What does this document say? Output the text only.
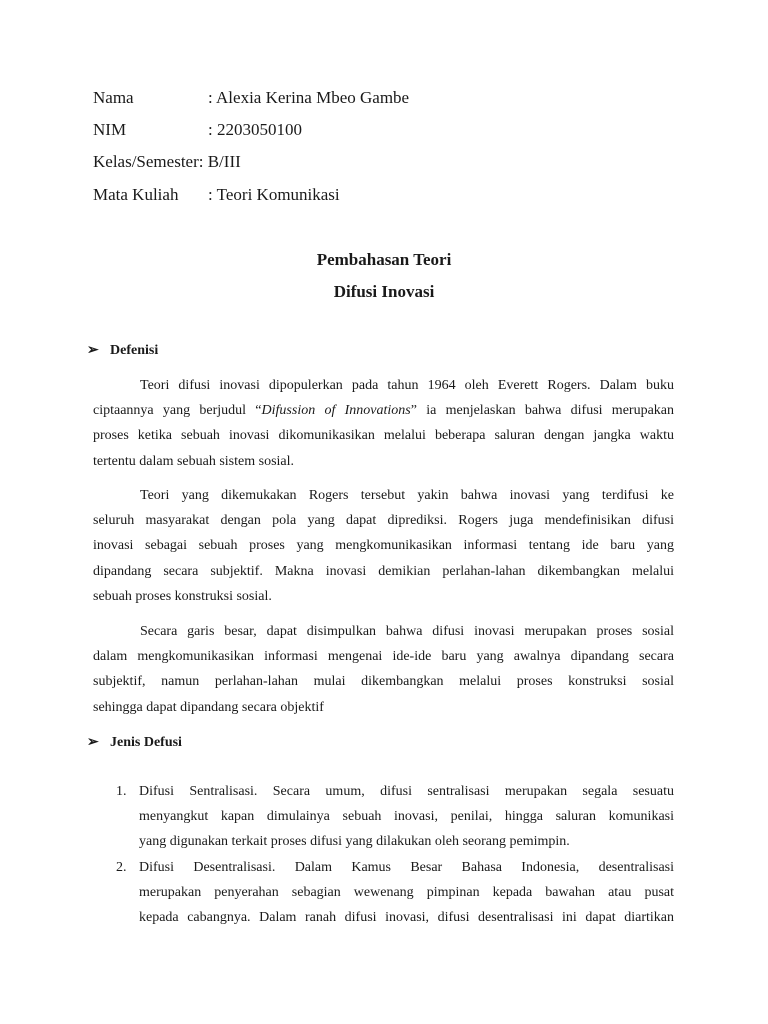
Nama	: Alexia Kerina Mbeo Gambe
NIM	: 2203050100
Kelas/Semester: B/III
Mata Kuliah : Teori Komunikasi
Pembahasan Teori
Difusi Inovasi
➢ Defenisi
Teori difusi inovasi dipopulerkan pada tahun 1964 oleh Everett Rogers. Dalam buku
ciptaannya yang berjudul “Difussion of Innovations” ia menjelaskan bahwa difusi merupakan
proses ketika sebuah inovasi dikomunikasikan melalui beberapa saluran dengan jangka waktu
tertentu dalam sebuah sistem sosial.
Teori yang dikemukakan Rogers tersebut yakin bahwa inovasi yang terdifusi ke
seluruh masyarakat dengan pola yang dapat diprediksi. Rogers juga mendefinisikan difusi
inovasi sebagai sebuah proses yang mengkomunikasikan informasi tentang ide baru yang
dipandang secara subjektif. Makna inovasi demikian perlahan-lahan dikembangkan melalui
sebuah proses konstruksi sosial.
Secara garis besar, dapat disimpulkan bahwa difusi inovasi merupakan proses sosial
dalam mengkomunikasikan informasi mengenai ide-ide baru yang awalnya dipandang secara
subjektif, namun perlahan-lahan mulai dikembangkan melalui proses konstruksi sosial
sehingga dapat dipandang secara objektif
➢ Jenis Defusi
1. Difusi Sentralisasi. Secara umum, difusi sentralisasi merupakan segala sesuatu
menyangkut kapan dimulainya sebuah inovasi, penilai, hingga saluran komunikasi
yang digunakan terkait proses difusi yang dilakukan oleh seorang pemimpin.
2. Difusi Desentralisasi. Dalam Kamus Besar Bahasa Indonesia, desentralisasi
merupakan penyerahan sebagian wewenang pimpinan kepada bawahan atau pusat
kepada cabangnya. Dalam ranah difusi inovasi, difusi desentralisasi ini dapat diartikan
